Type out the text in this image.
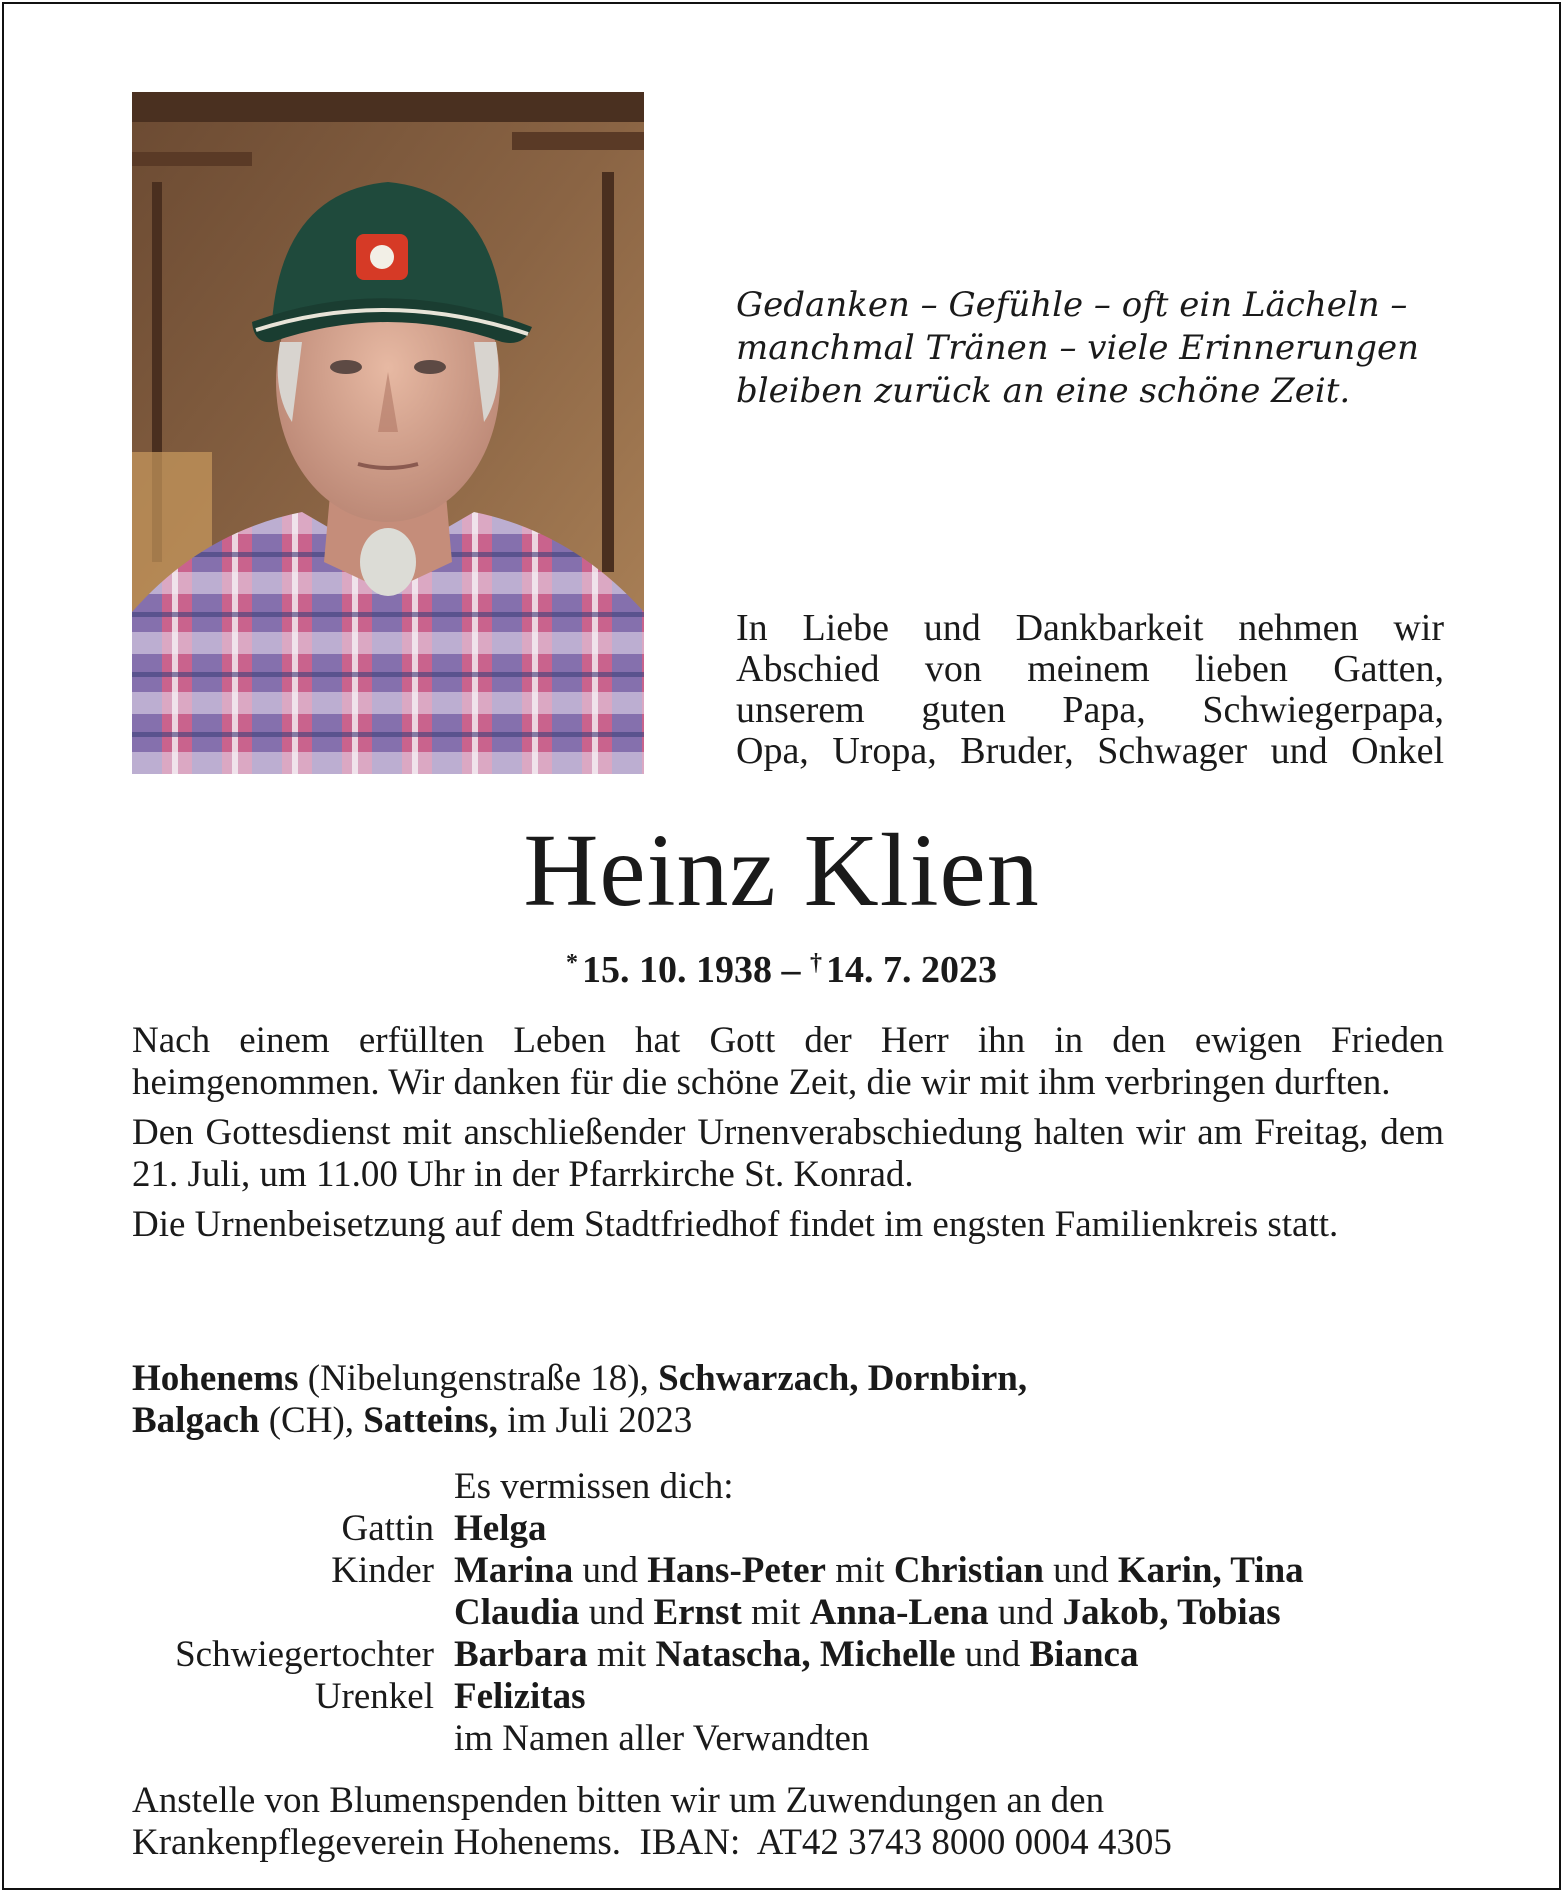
Gedanken – Gefühle – oft ein Lächeln –
manchmal Tränen – viele Erinnerungen
bleiben zurück an eine schöne Zeit.
In Liebe und Dankbarkeit nehmen wir
Abschied von meinem lieben Gatten,
unserem guten Papa, Schwiegerpapa,
Opa, Uropa, Bruder, Schwager und Onkel
Heinz Klien
* 15. 10. 1938 – † 14. 7. 2023

Nach einem erfüllten Leben hat Gott der Herr ihn in den ewigen Frieden heimgenommen. Wir danken für die schöne Zeit, die wir mit ihm verbringen durften.

Den Gottesdienst mit anschließender Urnenverabschiedung halten wir am Freitag, dem 21. Juli, um 11.00 Uhr in der Pfarrkirche St. Konrad.

Die Urnenbeisetzung auf dem Stadtfriedhof findet im engsten Familienkreis statt.

Hohenems (Nibelungenstraße 18), Schwarzach, Dornbirn,
Balgach (CH), Satteins, im Juli 2023
Es vermissen dich:
Gattin	Helga
Kinder	Marina und Hans-Peter mit Christian und Karin, Tina
	Claudia und Ernst mit Anna-Lena und Jakob, Tobias
Schwiegertochter	Barbara mit Natascha, Michelle und Bianca
Urenkel	Felizitas
im Namen aller Verwandten
Anstelle von Blumenspenden bitten wir um Zuwendungen an den
Krankenpflegeverein Hohenems.  IBAN:  AT42 3743 8000 0004 4305
